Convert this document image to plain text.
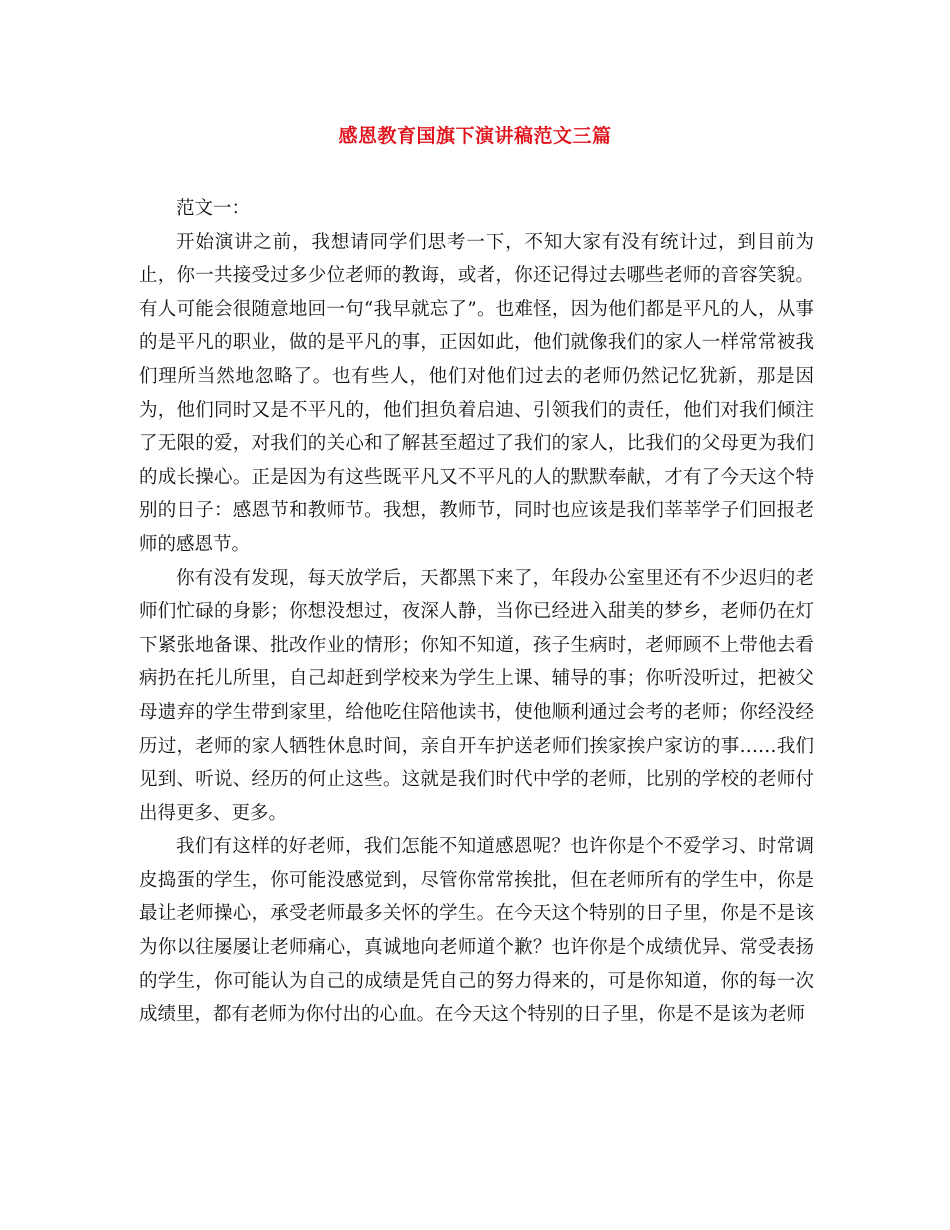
感恩教育国旗下演讲稿范文三篇

范文一：

开始演讲之前，我想请同学们思考一下，不知大家有没有统计过，到目前为止，你一共接受过多少位老师的教诲，或者，你还记得过去哪些老师的音容笑貌。有人可能会很随意地回一句“我早就忘了”。也难怪，因为他们都是平凡的人，从事的是平凡的职业，做的是平凡的事，正因如此，他们就像我们的家人一样常常被我们理所当然地忽略了。也有些人，他们对他们过去的老师仍然记忆犹新，那是因为，他们同时又是不平凡的，他们担负着启迪、引领我们的责任，他们对我们倾注了无限的爱，对我们的关心和了解甚至超过了我们的家人，比我们的父母更为我们的成长操心。正是因为有这些既平凡又不平凡的人的默默奉献，才有了今天这个特别的日子：感恩节和教师节。我想，教师节，同时也应该是我们莘莘学子们回报老师的感恩节。

你有没有发现，每天放学后，天都黑下来了，年段办公室里还有不少迟归的老师们忙碌的身影；你想没想过，夜深人静，当你已经进入甜美的梦乡，老师仍在灯下紧张地备课、批改作业的情形；你知不知道，孩子生病时，老师顾不上带他去看病扔在托儿所里，自己却赶到学校来为学生上课、辅导的事；你听没听过，把被父母遗弃的学生带到家里，给他吃住陪他读书，使他顺利通过会考的老师；你经没经历过，老师的家人牺牲休息时间，亲自开车护送老师们挨家挨户家访的事……我们见到、听说、经历的何止这些。这就是我们时代中学的老师，比别的学校的老师付出得更多、更多。

我们有这样的好老师，我们怎能不知道感恩呢？也许你是个不爱学习、时常调皮捣蛋的学生，你可能没感觉到，尽管你常常挨批，但在老师所有的学生中，你是最让老师操心，承受老师最多关怀的学生。在今天这个特别的日子里，你是不是该为你以往屡屡让老师痛心，真诚地向老师道个歉？也许你是个成绩优异、常受表扬的学生，你可能认为自己的成绩是凭自己的努力得来的，可是你知道，你的每一次成绩里，都有老师为你付出的心血。在今天这个特别的日子里，你是不是该为老师
